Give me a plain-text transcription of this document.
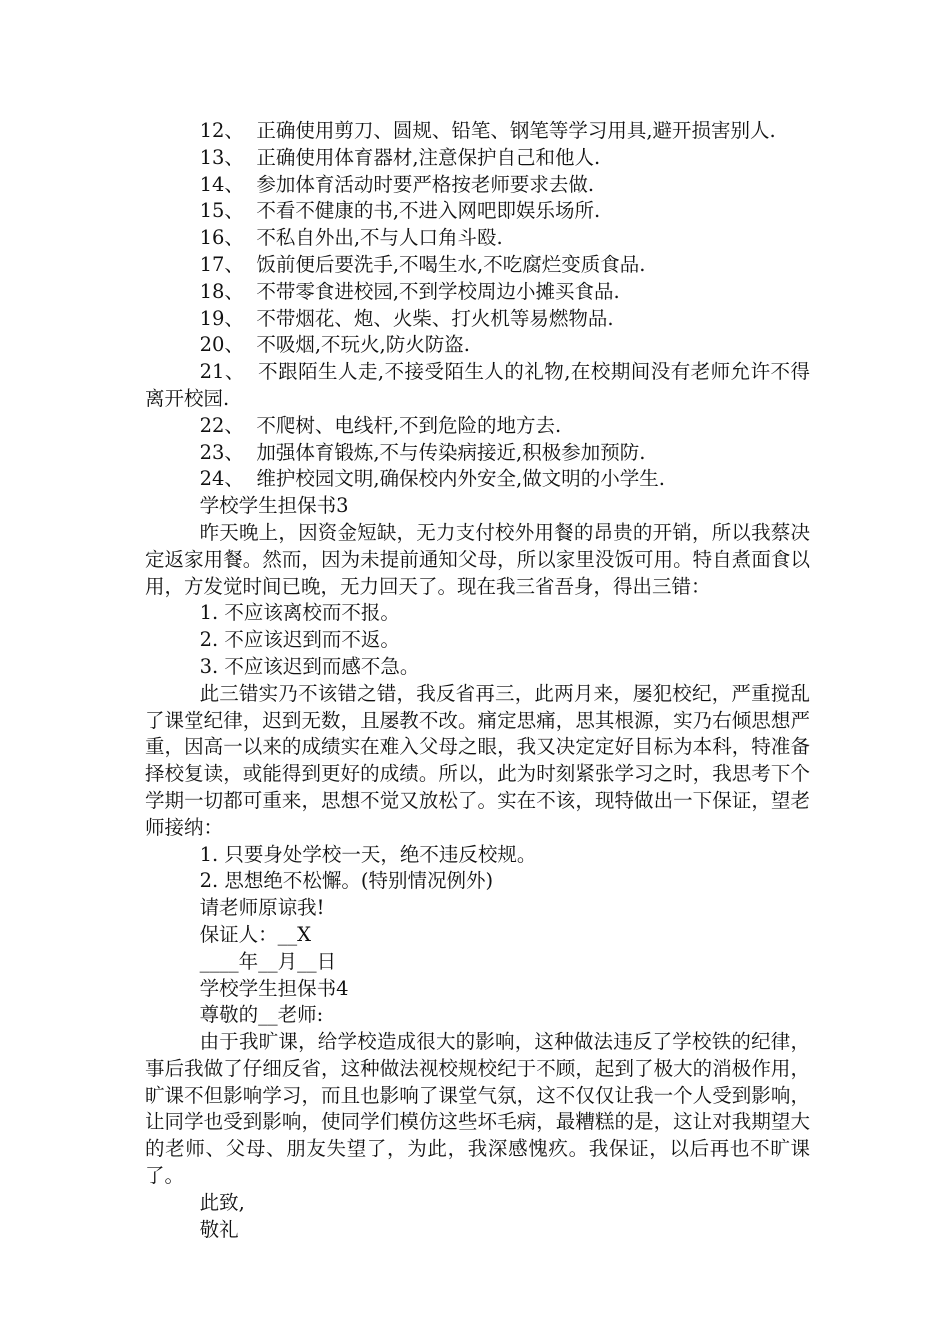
12、  正确使用剪刀、圆规、铅笔、钢笔等学习用具,避开损害别人.

13、  正确使用体育器材,注意保护自己和他人.

14、  参加体育活动时要严格按老师要求去做.

15、  不看不健康的书,不进入网吧即娱乐场所.

16、  不私自外出,不与人口角斗殴.

17、  饭前便后要洗手,不喝生水,不吃腐烂变质食品.

18、  不带零食进校园,不到学校周边小摊买食品.

19、  不带烟花、炮、火柴、打火机等易燃物品.

20、  不吸烟,不玩火,防火防盗.

21、  不跟陌生人走,不接受陌生人的礼物,在校期间没有老师允许不得离开校园.

22、  不爬树、电线杆,不到危险的地方去.

23、  加强体育锻炼,不与传染病接近,积极参加预防.

24、  维护校园文明,确保校内外安全,做文明的小学生.

学校学生担保书3

昨天晚上，因资金短缺，无力支付校外用餐的昂贵的开销，所以我蔡决定返家用餐。然而，因为未提前通知父母，所以家里没饭可用。特自煮面食以用，方发觉时间已晚，无力回天了。现在我三省吾身，得出三错：

1. 不应该离校而不报。

2. 不应该迟到而不返。

3. 不应该迟到而感不急。

此三错实乃不该错之错，我反省再三，此两月来，屡犯校纪，严重搅乱了课堂纪律，迟到无数，且屡教不改。痛定思痛，思其根源，实乃右倾思想严重，因高一以来的成绩实在难入父母之眼，我又决定定好目标为本科，特准备择校复读，或能得到更好的成绩。所以，此为时刻紧张学习之时，我思考下个学期一切都可重来，思想不觉又放松了。实在不该，现特做出一下保证，望老师接纳：

1. 只要身处学校一天，绝不违反校规。

2. 思想绝不松懈。(特别情况例外)

请老师原谅我!

保证人：__X

____年__月__日

学校学生担保书4

尊敬的__老师:

由于我旷课，给学校造成很大的影响，这种做法违反了学校铁的纪律，事后我做了仔细反省，这种做法视校规校纪于不顾，起到了极大的消极作用，旷课不但影响学习，而且也影响了课堂气氛，这不仅仅让我一个人受到影响，让同学也受到影响，使同学们模仿这些坏毛病，最糟糕的是，这让对我期望大的老师、父母、朋友失望了，为此，我深感愧疚。我保证，以后再也不旷课了。

此致,

敬礼
